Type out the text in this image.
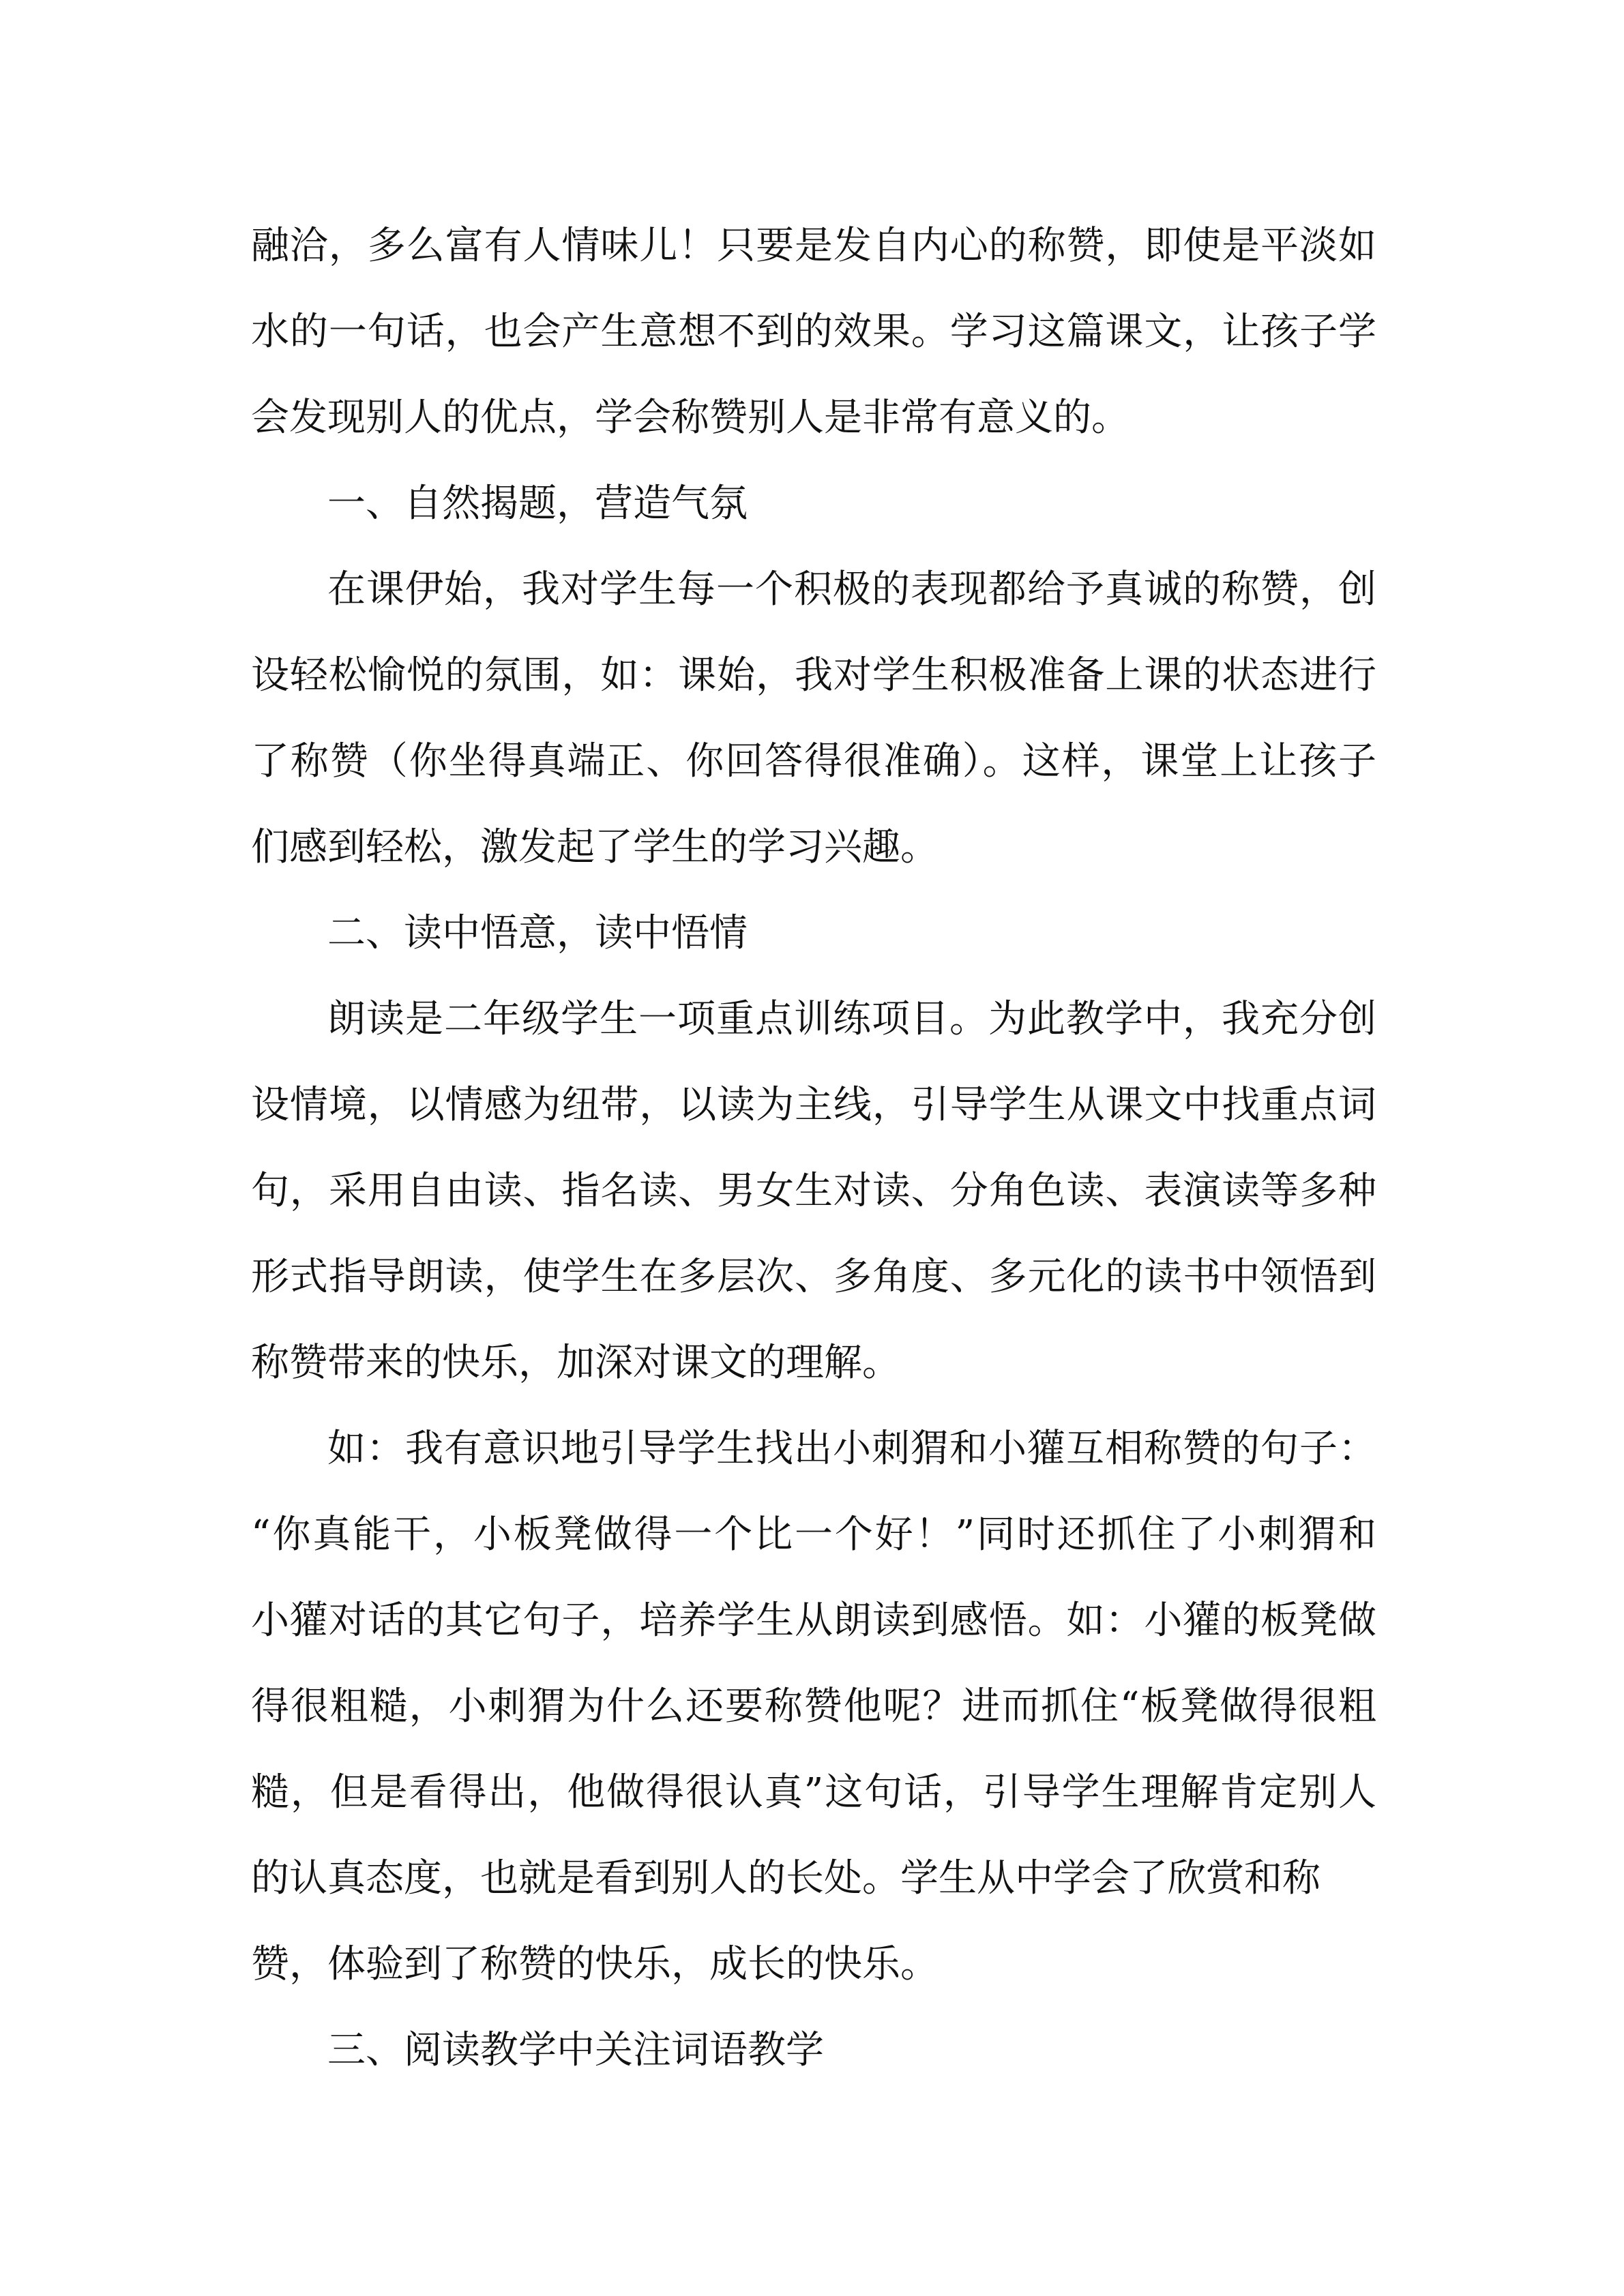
融洽，多么富有人情味儿！只要是发自内心的称赞，即使是平淡如
水的一句话，也会产生意想不到的效果。学习这篇课文，让孩子学
会发现别人的优点，学会称赞别人是非常有意义的。
一、自然揭题，营造气氛
在课伊始，我对学生每一个积极的表现都给予真诚的称赞，创
设轻松愉悦的氛围，如：课始，我对学生积极准备上课的状态进行
了称赞（你坐得真端正、你回答得很准确）。这样，课堂上让孩子
们感到轻松，激发起了学生的学习兴趣。
二、读中悟意，读中悟情
朗读是二年级学生一项重点训练项目。为此教学中，我充分创
设情境，以情感为纽带，以读为主线，引导学生从课文中找重点词
句，采用自由读、指名读、男女生对读、分角色读、表演读等多种
形式指导朗读，使学生在多层次、多角度、多元化的读书中领悟到
称赞带来的快乐，加深对课文的理解。
如：我有意识地引导学生找出小刺猬和小獾互相称赞的句子：
“你真能干，小板凳做得一个比一个好！”同时还抓住了小刺猬和
小獾对话的其它句子，培养学生从朗读到感悟。如：小獾的板凳做
得很粗糙，小刺猬为什么还要称赞他呢？进而抓住“板凳做得很粗
糙，但是看得出，他做得很认真”这句话，引导学生理解肯定别人
的认真态度，也就是看到别人的长处。学生从中学会了欣赏和称
赞，体验到了称赞的快乐，成长的快乐。
三、阅读教学中关注词语教学
